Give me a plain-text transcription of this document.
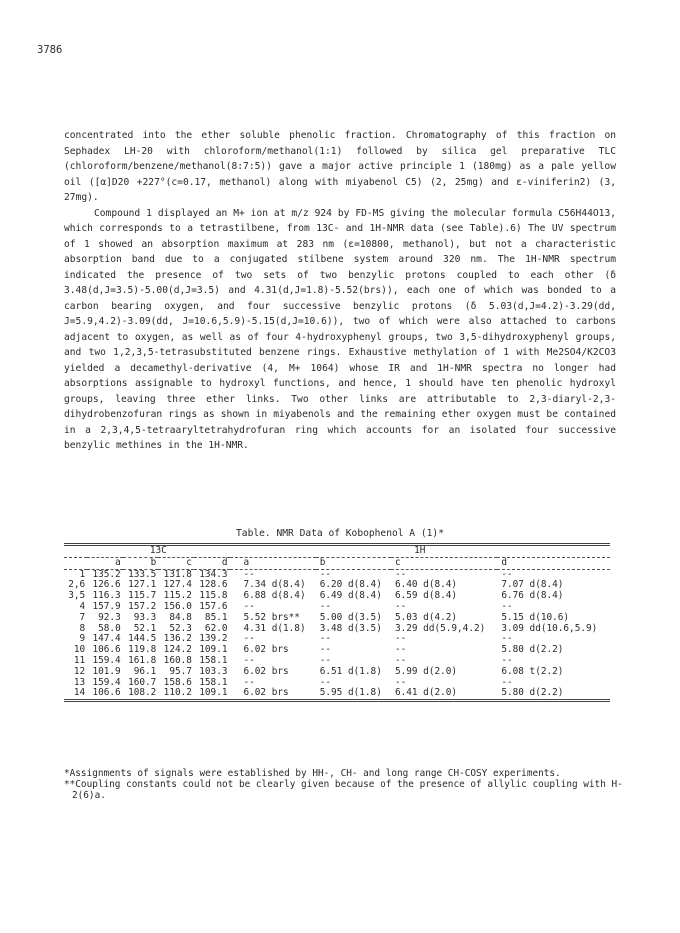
3786

concentrated into the ether soluble phenolic fraction. Chromatography of this fraction on Sephadex LH-20 with chloroform/methanol(1:1) followed by silica gel preparative TLC (chloroform/benzene/methanol(8:7:5)) gave a major active principle 1 (180mg) as a pale yellow oil ([α]D20 +227°(c=0.17, methanol) along with miyabenol C5) (2, 25mg) and ε-viniferin2) (3, 27mg).

Compound 1 displayed an M+ ion at m/z 924 by FD-MS giving the molecular formula C56H44O13, which corresponds to a tetrastilbene, from 13C- and 1H-NMR data (see Table).6) The UV spectrum of 1 showed an absorption maximum at 283 nm (ε=10800, methanol), but not a characteristic absorption band due to a conjugated stilbene system around 320 nm. The 1H-NMR spectrum indicated the presence of two sets of two benzylic protons coupled to each other (δ 3.48(d,J=3.5)-5.00(d,J=3.5) and 4.31(d,J=1.8)-5.52(brs)), each one of which was bonded to a carbon bearing oxygen, and four successive benzylic protons (δ 5.03(d,J=4.2)-3.29(dd, J=5.9,4.2)-3.09(dd, J=10.6,5.9)-5.15(d,J=10.6)), two of which were also attached to carbons adjacent to oxygen, as well as of four 4-hydroxyphenyl groups, two 3,5-dihydroxyphenyl groups, and two 1,2,3,5-tetrasubstituted benzene rings. Exhaustive methylation of 1 with Me2SO4/K2CO3 yielded a decamethyl-derivative (4, M+ 1064) whose IR and 1H-NMR spectra no longer had absorptions assignable to hydroxyl functions, and hence, 1 should have ten phenolic hydroxyl groups, leaving three ether links. Two other links are attributable to 2,3-diaryl-2,3-dihydrobenzofuran rings as shown in miyabenols and the remaining ether oxygen must be contained in a 2,3,4,5-tetraaryltetrahydrofuran ring which accounts for an isolated four successive benzylic methines in the 1H-NMR.

Table. NMR Data of Kobophenol A (1)*

	13C				1H			

	a	b	c	d	a	b	c	d

1	135.2	133.5	131.8	134.3	--	--	--	--
2,6	126.6	127.1	127.4	128.6	7.34 d(8.4)	6.20 d(8.4)	6.40 d(8.4)	7.07 d(8.4)
3,5	116.3	115.7	115.2	115.8	6.88 d(8.4)	6.49 d(8.4)	6.59 d(8.4)	6.76 d(8.4)
4	157.9	157.2	156.0	157.6	--	--	--	--
7	92.3	93.3	84.8	85.1	5.52 brs**	5.00 d(3.5)	5.03 d(4.2)	5.15 d(10.6)
8	58.0	52.1	52.3	62.0	4.31 d(1.8)	3.48 d(3.5)	3.29 dd(5.9,4.2)	3.09 dd(10.6,5.9)
9	147.4	144.5	136.2	139.2	--	--	--	--
10	106.6	119.8	124.2	109.1	6.02 brs	--	--	5.80 d(2.2)
11	159.4	161.8	160.8	158.1	--	--	--	--
12	101.9	96.1	95.7	103.3	6.02 brs	6.51 d(1.8)	5.99 d(2.0)	6.08 t(2.2)
13	159.4	160.7	158.6	158.1	--	--	--	--
14	106.6	108.2	110.2	109.1	6.02 brs	5.95 d(1.8)	6.41 d(2.0)	5.80 d(2.2)

*Assignments of signals were established by HH-, CH- and long range CH-COSY experiments.
**Coupling constants could not be clearly given because of the presence of allylic coupling with H-2(6)a.
